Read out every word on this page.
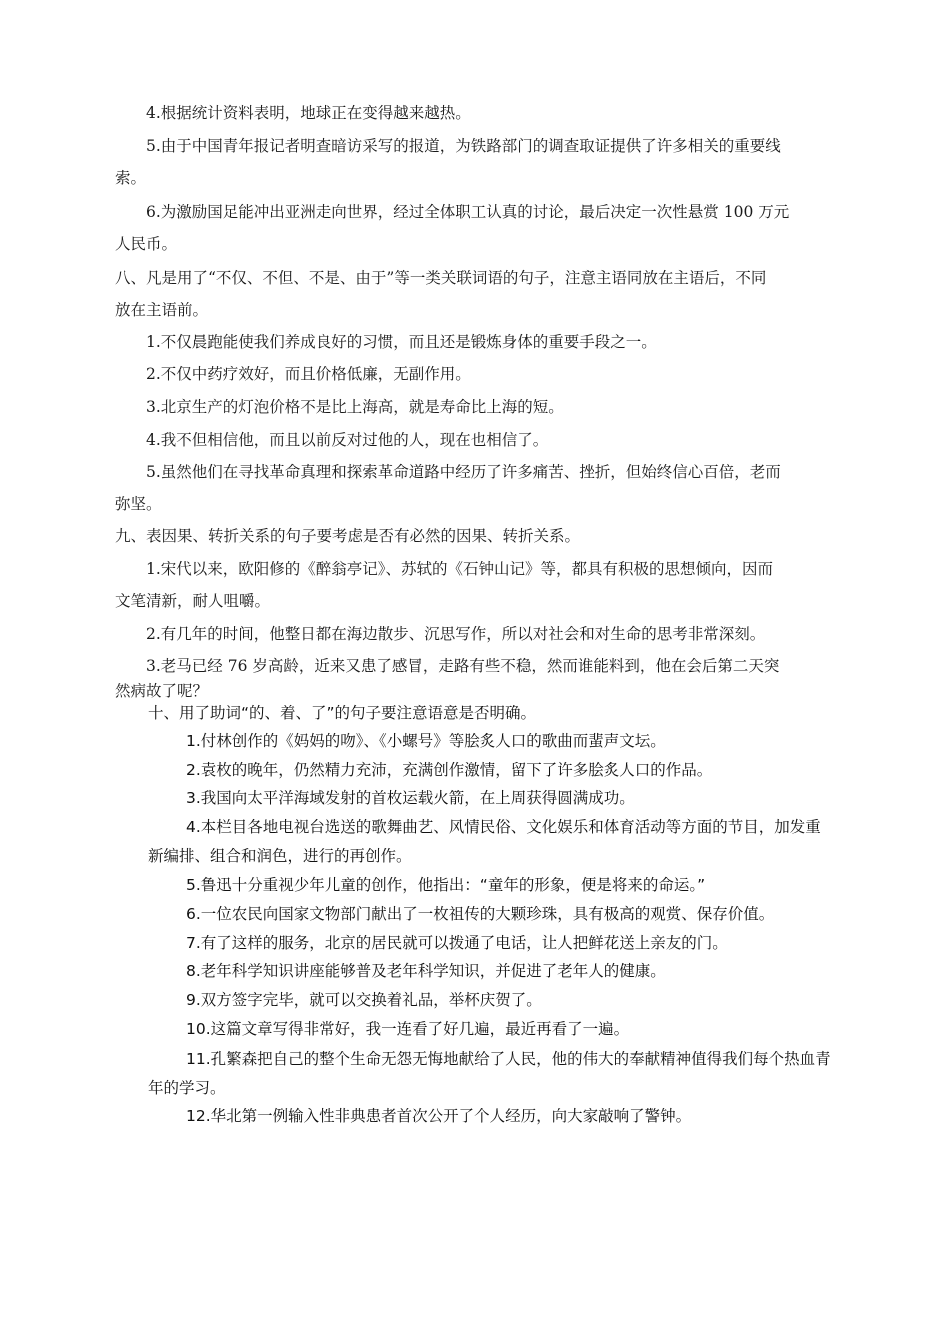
4.根据统计资料表明，地球正在变得越来越热。
5.由于中国青年报记者明查暗访采写的报道，为铁路部门的调查取证提供了许多相关的重要线
索。
6.为激励国足能冲出亚洲走向世界，经过全体职工认真的讨论，最后决定一次性悬赏 100 万元
人民币。
八、凡是用了“不仅、不但、不是、由于”等一类关联词语的句子，注意主语同放在主语后，不同
放在主语前。
1.不仅晨跑能使我们养成良好的习惯，而且还是锻炼身体的重要手段之一。
2.不仅中药疗效好，而且价格低廉，无副作用。
3.北京生产的灯泡价格不是比上海高，就是寿命比上海的短。
4.我不但相信他，而且以前反对过他的人，现在也相信了。
5.虽然他们在寻找革命真理和探索革命道路中经历了许多痛苦、挫折，但始终信心百倍，老而
弥坚。
九、表因果、转折关系的句子要考虑是否有必然的因果、转折关系。
1.宋代以来，欧阳修的《醉翁亭记》、苏轼的《石钟山记》等，都具有积极的思想倾向，因而
文笔清新，耐人咀嚼。
2.有几年的时间，他整日都在海边散步、沉思写作，所以对社会和对生命的思考非常深刻。
3.老马已经 76 岁高龄，近来又患了感冒，走路有些不稳，然而谁能料到，他在会后第二天突
然病故了呢？
十、用了助词“的、着、了”的句子要注意语意是否明确。
1.付林创作的《妈妈的吻》、《小螺号》等脍炙人口的歌曲而蜚声文坛。
2.袁枚的晚年，仍然精力充沛，充满创作激情，留下了许多脍炙人口的作品。
3.我国向太平洋海域发射的首枚运载火箭，在上周获得圆满成功。
4.本栏目各地电视台选送的歌舞曲艺、风情民俗、文化娱乐和体育活动等方面的节目，加发重
新编排、组合和润色，进行的再创作。
5.鲁迅十分重视少年儿童的创作，他指出：“童年的形象，便是将来的命运。”
6.一位农民向国家文物部门献出了一枚祖传的大颗珍珠，具有极高的观赏、保存价值。
7.有了这样的服务，北京的居民就可以拨通了电话，让人把鲜花送上亲友的门。
8.老年科学知识讲座能够普及老年科学知识，并促进了老年人的健康。
9.双方签字完毕，就可以交换着礼品，举杯庆贺了。
10.这篇文章写得非常好，我一连看了好几遍，最近再看了一遍。
11.孔繁森把自己的整个生命无怨无悔地献给了人民，他的伟大的奉献精神值得我们每个热血青
年的学习。
12.华北第一例输入性非典患者首次公开了个人经历，向大家敲响了警钟。
